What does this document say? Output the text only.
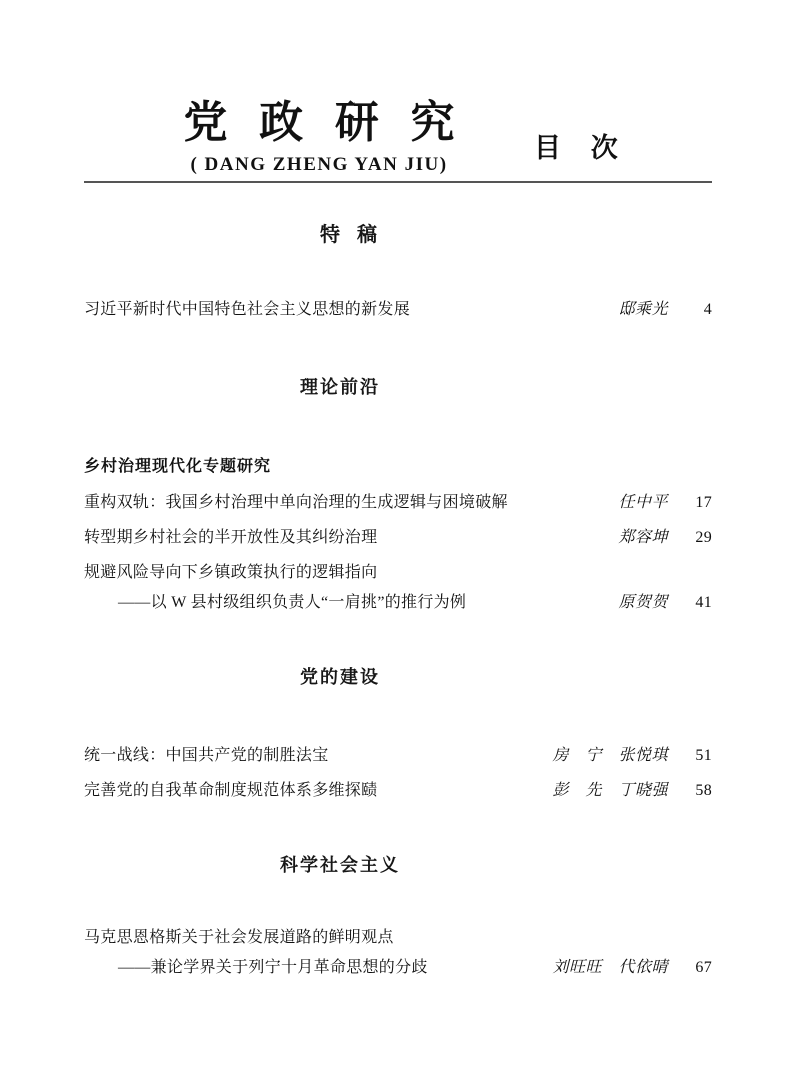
党政研究
( DANG ZHENG YAN JIU)
目次
特稿
习近平新时代中国特色社会主义思想的新发展	邸乘光	4
理论前沿
乡村治理现代化专题研究
重构双轨：我国乡村治理中单向治理的生成逻辑与困境破解	任中平	17
转型期乡村社会的半开放性及其纠纷治理	郑容坤	29
规避风险导向下乡镇政策执行的逻辑指向
——以 W 县村级组织负责人“一肩挑”的推行为例	原贺贺	41
党的建设
统一战线：中国共产党的制胜法宝	房　宁　张悦琪	51
完善党的自我革命制度规范体系多维探赜	彭　先　丁晓强	58
科学社会主义
马克思恩格斯关于社会发展道路的鲜明观点
——兼论学界关于列宁十月革命思想的分歧	刘旺旺　代依晴	67
